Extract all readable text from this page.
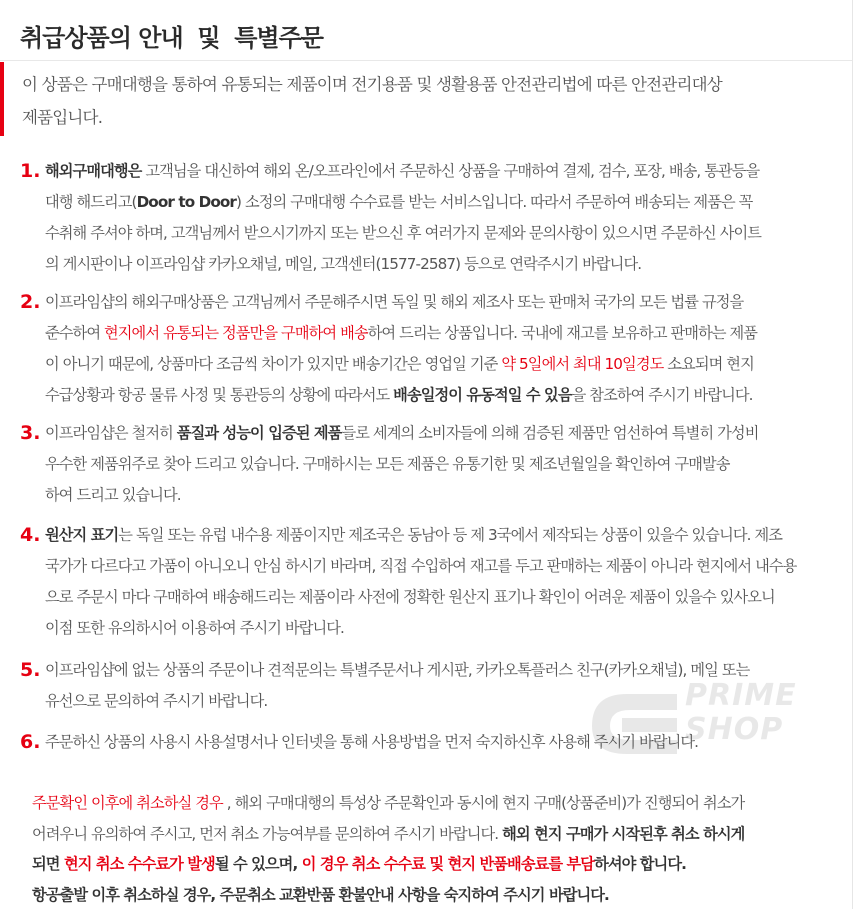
취급상품의 안내  및  특별주문
이 상품은 구매대행을 통하여 유통되는 제품이며 전기용품 및 생활용품 안전관리법에 따른 안전관리대상
제품입니다.
PRIME
SHOP
1. 해외구매대행은 고객님을 대신하여 해외 온/오프라인에서 주문하신 상품을 구매하여 결제, 검수, 포장, 배송, 통관등을
대행 해드리고(Door to Door) 소정의 구매대행 수수료를 받는 서비스입니다. 따라서 주문하여 배송되는 제품은 꼭
수취해 주셔야 하며, 고객님께서 받으시기까지 또는 받으신 후 여러가지 문제와 문의사항이 있으시면 주문하신 사이트
의 게시판이나 이프라임샵 카카오채널, 메일, 고객센터(1577-2587) 등으로 연락주시기 바랍니다.
2. 이프라임샵의 해외구매상품은 고객님께서 주문해주시면 독일 및 해외 제조사 또는 판매처 국가의 모든 법률 규정을
준수하여 현지에서 유통되는 정품만을 구매하여 배송하여 드리는 상품입니다. 국내에 재고를 보유하고 판매하는 제품
이 아니기 때문에, 상품마다 조금씩 차이가 있지만 배송기간은 영업일 기준 약 5일에서 최대 10일경도 소요되며 현지
수급상황과 항공 물류 사정 및 통관등의 상황에 따라서도 배송일정이 유동적일 수 있음을 참조하여 주시기 바랍니다.
3. 이프라임샵은 철저히 품질과 성능이 입증된 제품들로 세계의 소비자들에 의해 검증된 제품만 엄선하여 특별히 가성비
우수한 제품위주로 찾아 드리고 있습니다. 구매하시는 모든 제품은 유통기한 및 제조년월일을 확인하여 구매발송
하여 드리고 있습니다.
4. 원산지 표기는 독일 또는 유럽 내수용 제품이지만 제조국은 동남아 등 제 3국에서 제작되는 상품이 있을수 있습니다. 제조
국가가 다르다고 가품이 아니오니 안심 하시기 바라며, 직접 수입하여 재고를 두고 판매하는 제품이 아니라 현지에서 내수용
으로 주문시 마다 구매하여 배송해드리는 제품이라 사전에 정확한 원산지 표기나 확인이 어려운 제품이 있을수 있사오니
이점 또한 유의하시어 이용하여 주시기 바랍니다.
5. 이프라임샵에 없는 상품의 주문이나 견적문의는 특별주문서나 게시판, 카카오톡플러스 친구(카카오채널), 메일 또는
유선으로 문의하여 주시기 바랍니다.
6. 주문하신 상품의 사용시 사용설명서나 인터넷을 통해 사용방법을 먼저 숙지하신후 사용해 주시기 바랍니다.
주문확인 이후에 취소하실 경우 , 해외 구매대행의 특성상 주문확인과 동시에 현지 구매(상품준비)가 진행되어 취소가
어려우니 유의하여 주시고, 먼저 취소 가능여부를 문의하여 주시기 바랍니다. 해외 현지 구매가 시작된후 취소 하시게
되면 현지 취소 수수료가 발생될 수 있으며, 이 경우 취소 수수료 및 현지 반품배송료를 부담하셔야 합니다.
항공출발 이후 취소하실 경우, 주문취소 교환반품 환불안내 사항을 숙지하여 주시기 바랍니다.
